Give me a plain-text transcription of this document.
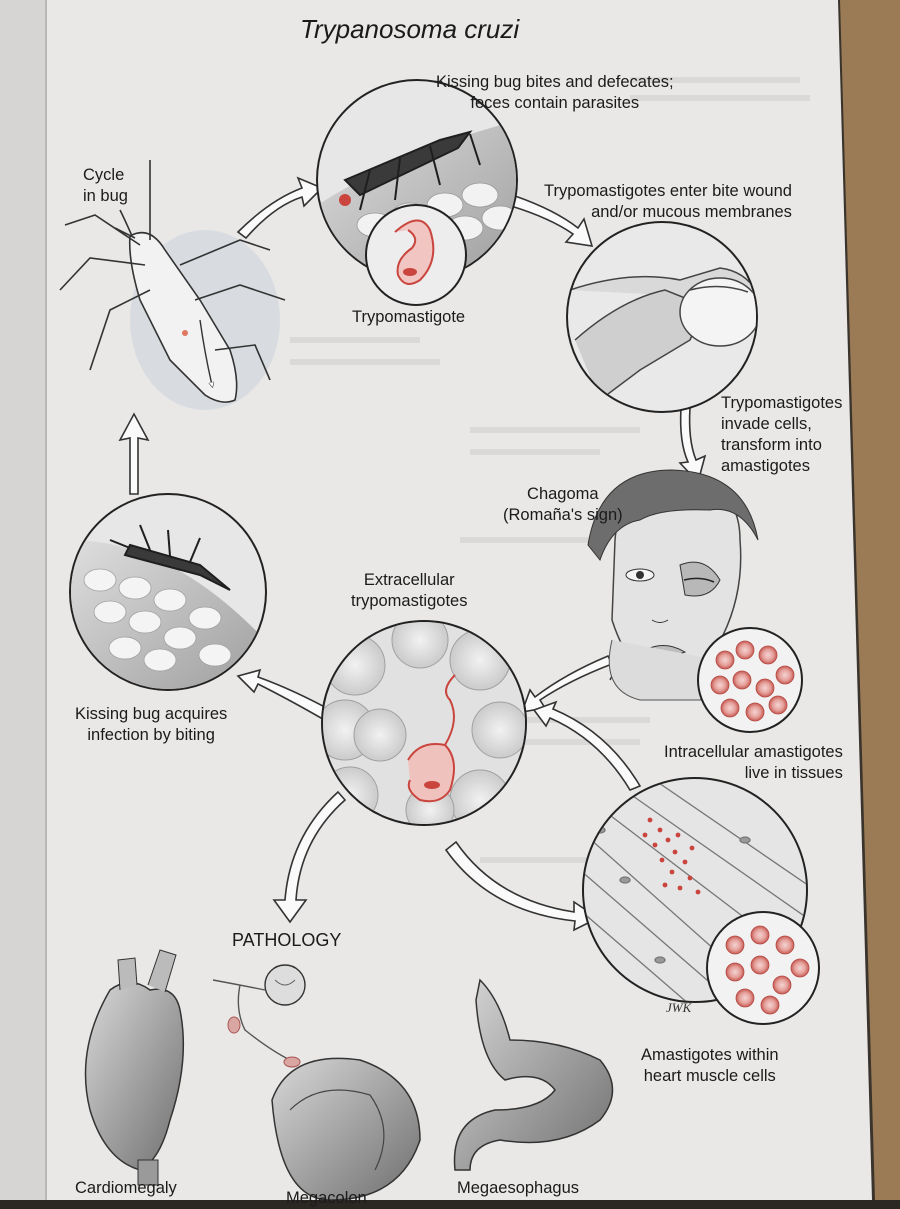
Trypanosoma cruzi
Cycle
in bug
Kissing bug bites and defecates;
feces contain parasites
Trypomastigotes enter bite wound
and/or mucous membranes
Trypomastigote
Trypomastigotes
invade cells,
transform into
amastigotes
Chagoma
(Romaña's sign)
Extracellular
trypomastigotes
Kissing bug acquires
infection by biting
Intracellular amastigotes
live in tissues
Amastigotes within
heart muscle cells
PATHOLOGY
Cardiomegaly
Megacolon
Megaesophagus
JWK
